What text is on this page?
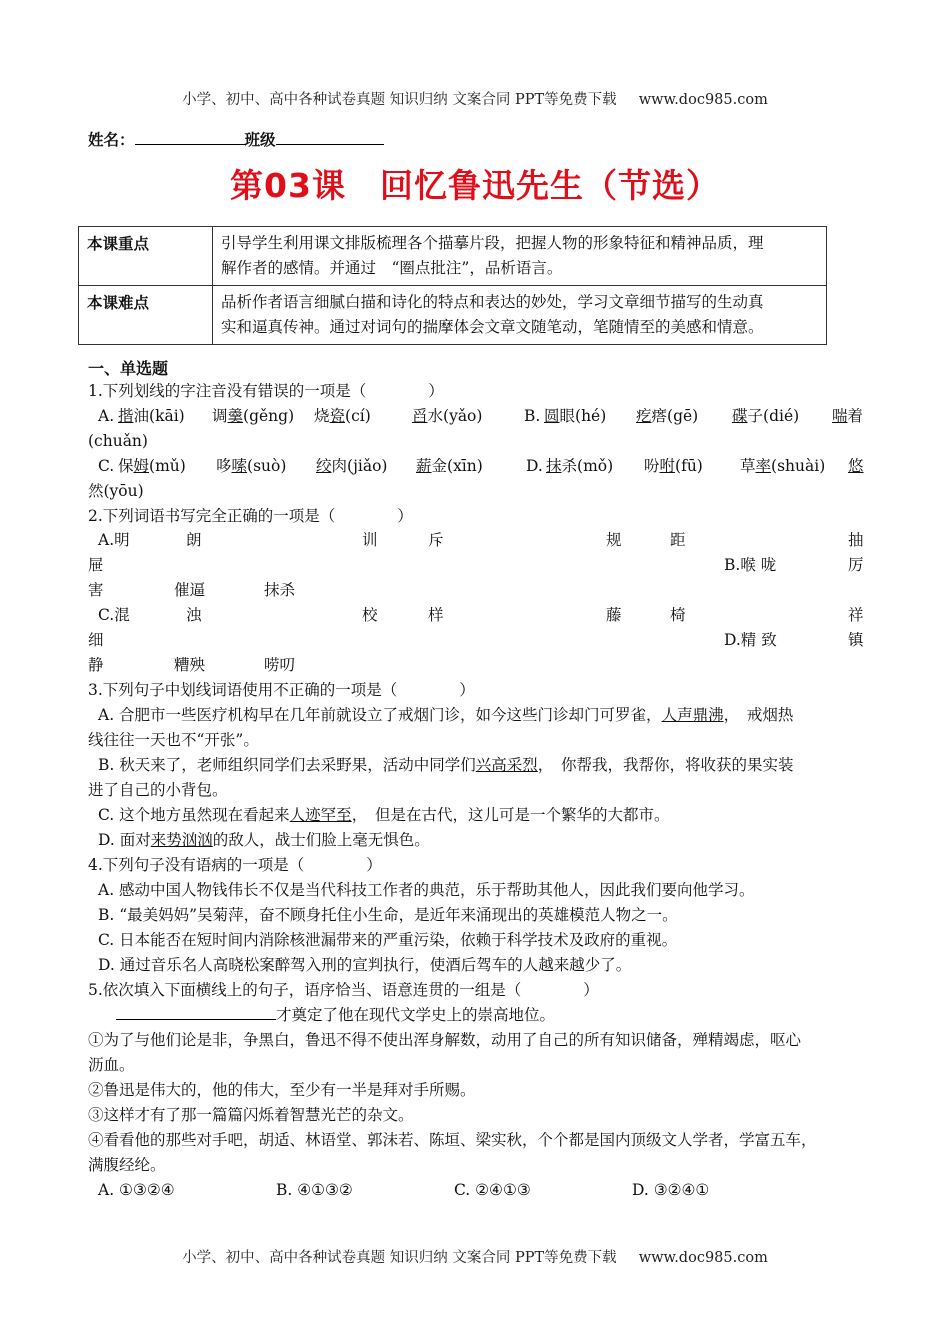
小学、初中、高中各种试卷真题 知识归纳 文案合同 PPT等免费下载 www.doc985.com
姓名：	班级
第03课 回忆鲁迅先生（节选）
本课重点	引导学生利用课文排版梳理各个描摹片段，把握人物的形象特征和精神品质，理
解作者的感情。并通过　“圈点批注”，品析语言。

本课难点	品析作者语言细腻白描和诗化的特点和表达的妙处，学习文章细节描写的生动真
实和逼真传神。通过对词句的揣摩体会文章文随笔动，笔随情至的美感和情意。
一、单选题
1.下列划线的字注音没有错误的一项是（　　　　）
A. 揩油(kāi) 调羹(gěng) 烧瓷(cí)	舀水(yǎo)	B. 圆眼(hé) 疙瘩(gē) 碟子(dié) 喘着
(chuǎn)
C. 保姆(mǔ) 哆嗦(suò) 绞肉(jiǎo) 薪金(xīn)	D. 抹杀(mǒ) 吩咐(fū) 草率(shuài) 悠
然(yōu)
2.下列词语书写完全正确的一项是（　　　　）
A.明	朗	训	斥	规	距	抽
屉	B.喉 咙	厉
害	催逼	抹杀
C.混	浊	校	样	藤	椅	祥
细	D.精 致	镇
静	糟殃	唠叨
3.下列句子中划线词语使用不正确的一项是（　　　　）
A. 合肥市一些医疗机构早在几年前就设立了戒烟门诊，如今这些门诊却门可罗雀，人声鼎沸，　戒烟热
线往往一天也不“开张”。
B. 秋天来了，老师组织同学们去采野果，活动中同学们兴高采烈，　你帮我，我帮你，将收获的果实装
进了自己的小背包。
C. 这个地方虽然现在看起来人迹罕至，　但是在古代，这儿可是一个繁华的大都市。
D. 面对来势汹汹的敌人，战士们脸上毫无惧色。
4.下列句子没有语病的一项是（　　　　）
A. 感动中国人物钱伟长不仅是当代科技工作者的典范，乐于帮助其他人，因此我们要向他学习。
B. “最美妈妈”吴菊萍，奋不顾身托住小生命，是近年来涌现出的英雄模范人物之一。
C. 日本能否在短时间内消除核泄漏带来的严重污染，依赖于科学技术及政府的重视。
D. 通过音乐名人高晓松案醉驾入刑的宣判执行，使酒后驾车的人越来越少了。
5.依次填入下面横线上的句子，语序恰当、语意连贯的一组是（　　　　）
才奠定了他在现代文学史上的崇高地位。
①为了与他们论是非，争黑白，鲁迅不得不使出浑身解数，动用了自己的所有知识储备，殚精竭虑，呕心
沥血。
②鲁迅是伟大的，他的伟大，至少有一半是拜对手所赐。
③这样才有了那一篇篇闪烁着智慧光芒的杂文。
④看看他的那些对手吧，胡适、林语堂、郭沫若、陈垣、梁实秋，个个都是国内顶级文人学者，学富五车，
满腹经纶。
A. ①③②④	B. ④①③②	C. ②④①③	D. ③②④①
小学、初中、高中各种试卷真题 知识归纳 文案合同 PPT等免费下载 www.doc985.com
